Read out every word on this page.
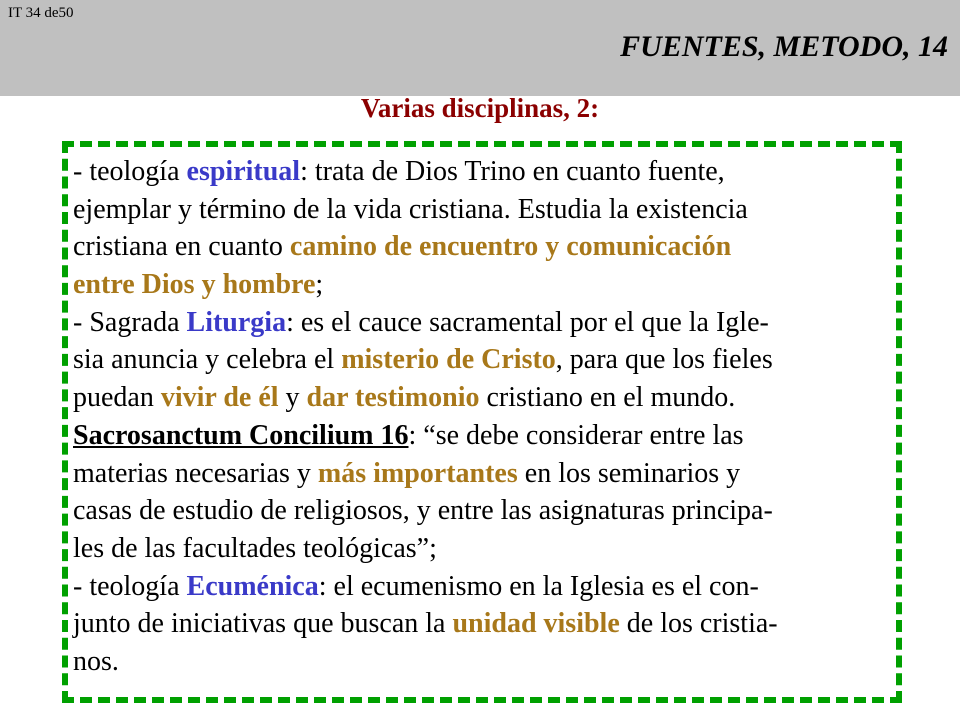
IT 34 de50
FUENTES, METODO, 14
Varias disciplinas, 2:
- teología espiritual: trata de Dios Trino en cuanto fuente,
ejemplar y término de la vida cristiana. Estudia la existencia
cristiana en cuanto camino de encuentro y comunicación
entre Dios y hombre;
- Sagrada Liturgia: es el cauce sacramental por el que la Igle-
sia anuncia y celebra el misterio de Cristo, para que los fieles
puedan vivir de él y dar testimonio cristiano en el mundo.
Sacrosanctum Concilium 16: “se debe considerar entre las
materias necesarias y más importantes en los seminarios y
casas de estudio de religiosos, y entre las asignaturas principa-
les de las facultades teológicas”;
- teología Ecuménica: el ecumenismo en la Iglesia es el con-
junto de iniciativas que buscan la unidad visible de los cristia-
nos.
